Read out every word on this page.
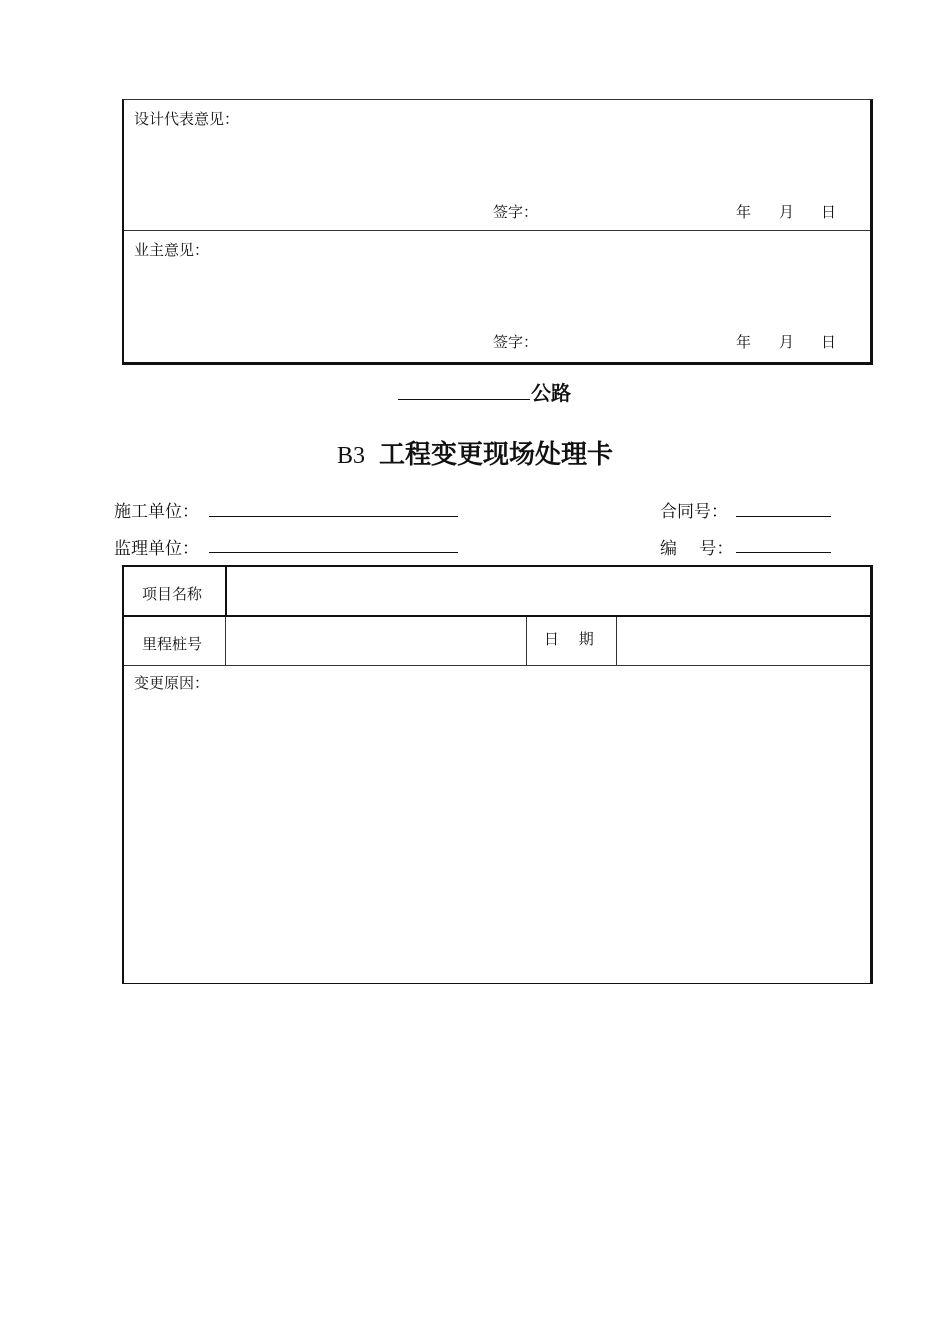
设计代表意见：
签字：	年 月 日
业主意见：
签字：	年 月 日
公路
B3 工程变更现场处理卡
施工单位：	合同号：
监理单位：	编　 号：
项目名称
里程桩号	日　 期
变更原因：
